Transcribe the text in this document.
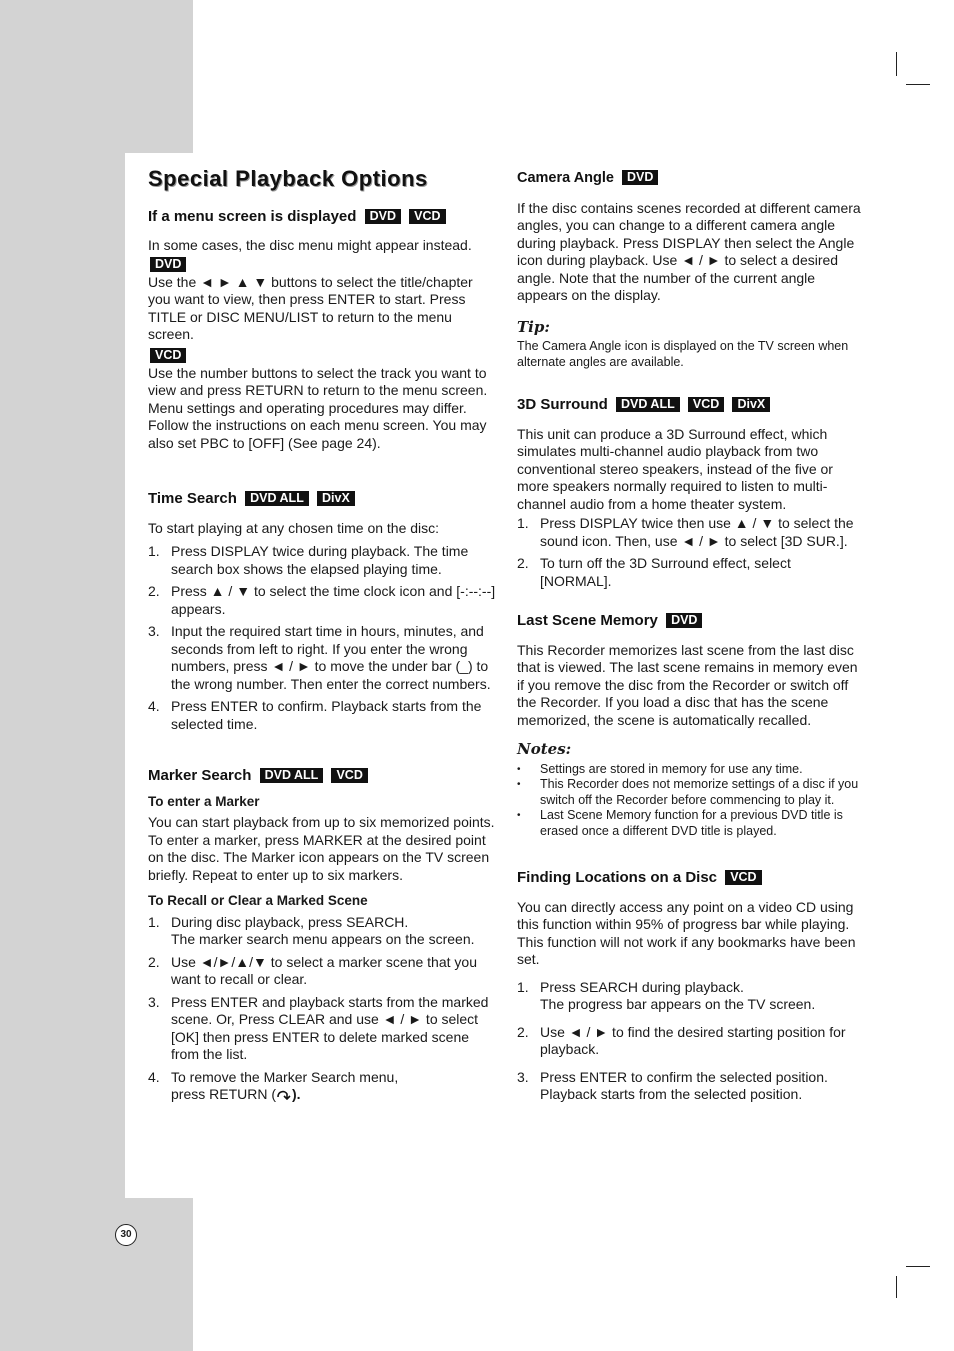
Special Playback Options
If a menu screen is displayed DVD VCD

In some cases, the disc menu might appear instead.

DVD

Use the ◄ ► ▲ ▼ buttons to select the title/chapter you want to view, then press ENTER to start. Press TITLE or DISC MENU/LIST to return to the menu screen.

VCD

Use the number buttons to select the track you want to view and press RETURN to return to the menu screen. Menu settings and operating procedures may differ. Follow the instructions on each menu screen. You may also set PBC to [OFF] (See page 24).

Time Search DVD ALL DivX

To start playing at any chosen time on the disc:

1. Press DISPLAY twice during playback. The time search box shows the elapsed playing time.
2. Press ▲ / ▼ to select the time clock icon and [-:--:--] appears.
3. Input the required start time in hours, minutes, and seconds from left to right. If you enter the wrong numbers, press ◄ / ► to move the under bar (_) to the wrong number. Then enter the correct numbers.
4. Press ENTER to confirm. Playback starts from the selected time.
Marker Search DVD ALL VCD
To enter a Marker

You can start playback from up to six memorized points. To enter a marker, press MARKER at the desired point on the disc. The Marker icon appears on the TV screen briefly. Repeat to enter up to six markers.

To Recall or Clear a Marked Scene
1. During disc playback, press SEARCH.
The marker search menu appears on the screen.
2. Use ◄/►/▲/▼ to select a marker scene that you want to recall or clear.
3. Press ENTER and playback starts from the marked scene. Or, Press CLEAR and use ◄ / ► to select [OK] then press ENTER to delete marked scene from the list.
4. To remove the Marker Search menu,
press RETURN ( ).
Camera Angle DVD

If the disc contains scenes recorded at different camera angles, you can change to a different camera angle during playback. Press DISPLAY then select the Angle icon during playback. Use ◄ / ► to select a desired angle. Note that the number of the current angle appears on the display.

Tip:

The Camera Angle icon is displayed on the TV screen when alternate angles are available.

3D Surround DVD ALL VCD DivX

This unit can produce a 3D Surround effect, which simulates multi-channel audio playback from two conventional stereo speakers, instead of the five or more speakers normally required to listen to multi-channel audio from a home theater system.

1. Press DISPLAY twice then use ▲ / ▼ to select the sound icon. Then, use ◄ / ► to select [3D SUR.].
2. To turn off the 3D Surround effect, select [NORMAL].
Last Scene Memory DVD

This Recorder memorizes last scene from the last disc that is viewed. The last scene remains in memory even if you remove the disc from the Recorder or switch off the Recorder. If you load a disc that has the scene memorized, the scene is automatically recalled.

Notes:
• Settings are stored in memory for use any time.
• This Recorder does not memorize settings of a disc if you switch off the Recorder before commencing to play it.
• Last Scene Memory function for a previous DVD title is erased once a different DVD title is played.
Finding Locations on a Disc VCD

You can directly access any point on a video CD using this function within 95% of progress bar while playing. This function will not work if any bookmarks have been set.

1. Press SEARCH during playback.
The progress bar appears on the TV screen.
2. Use ◄ / ► to find the desired starting position for playback.
3. Press ENTER to confirm the selected position.
Playback starts from the selected position.
30
